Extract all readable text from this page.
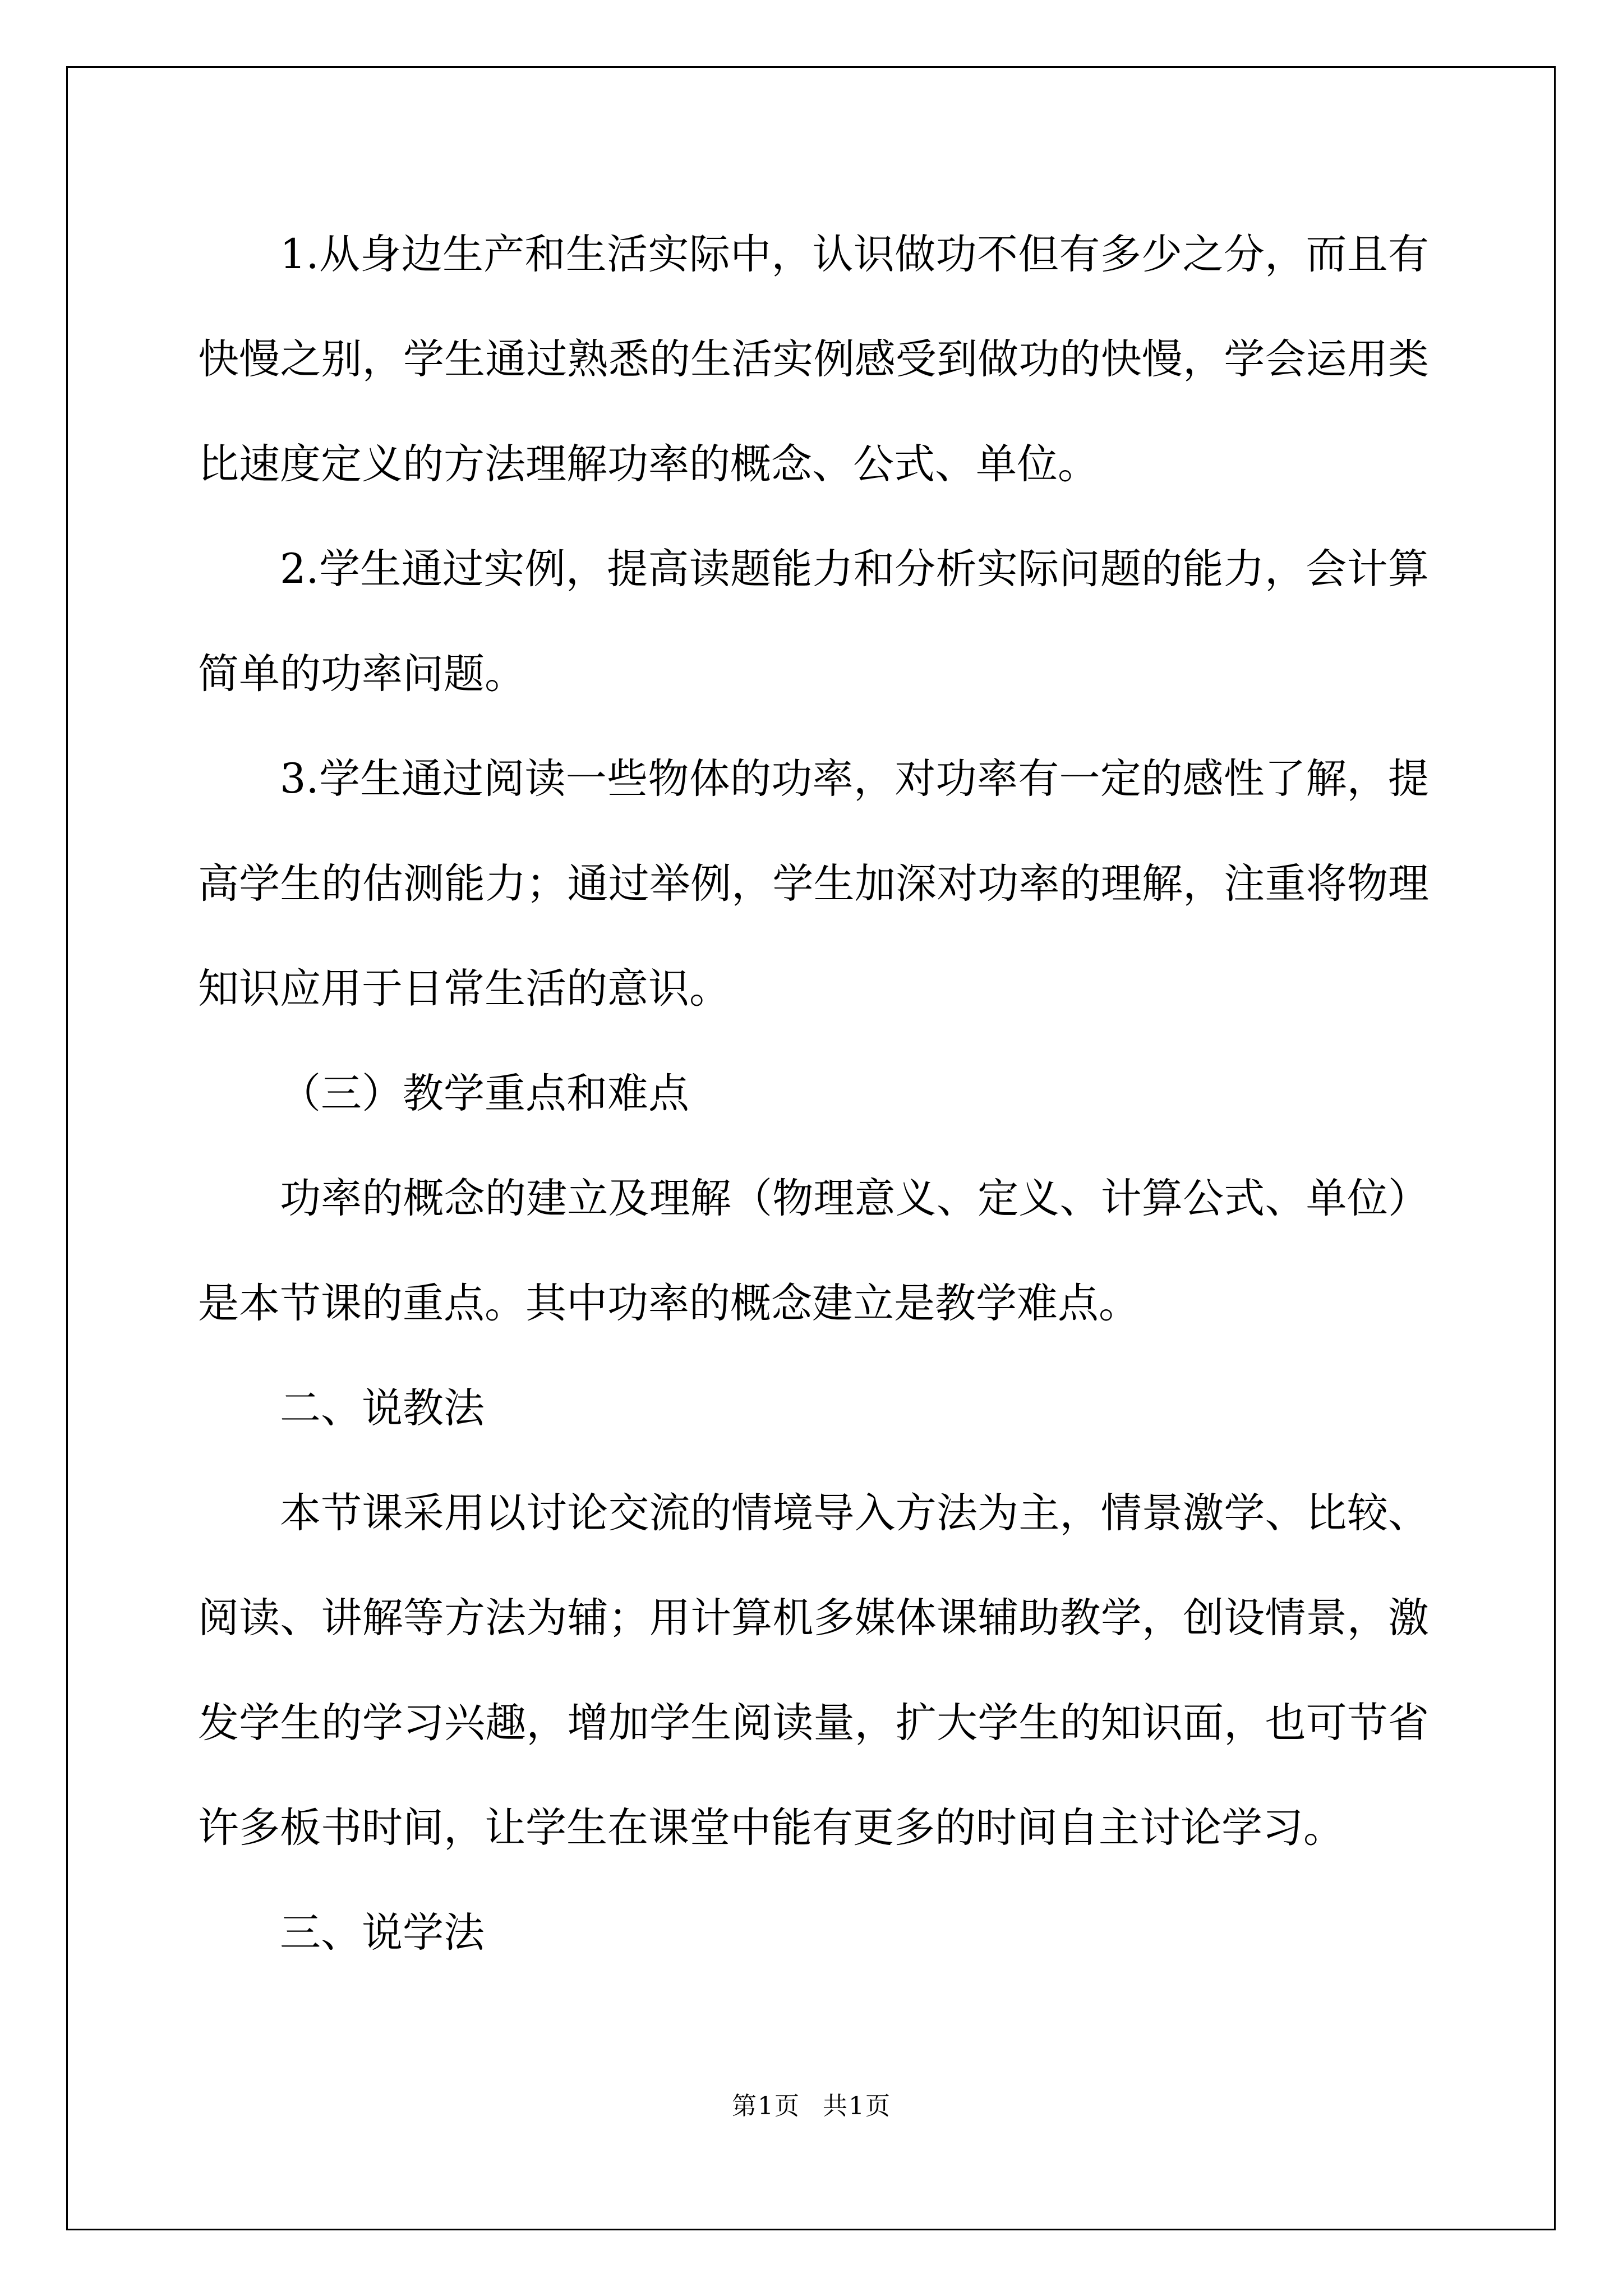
1.从身边生产和生活实际中，认识做功不但有多少之分，而且有快慢之别，学生通过熟悉的生活实例感受到做功的快慢，学会运用类比速度定义的方法理解功率的概念、公式、单位。

2.学生通过实例，提高读题能力和分析实际问题的能力，会计算简单的功率问题。

3.学生通过阅读一些物体的功率，对功率有一定的感性了解，提高学生的估测能力；通过举例，学生加深对功率的理解，注重将物理知识应用于日常生活的意识。

（三）教学重点和难点

功率的概念的建立及理解（物理意义、定义、计算公式、单位）是本节课的重点。其中功率的概念建立是教学难点。

二、说教法

本节课采用以讨论交流的情境导入方法为主，情景激学、比较、阅读、讲解等方法为辅；用计算机多媒体课辅助教学，创设情景，激发学生的学习兴趣，增加学生阅读量，扩大学生的知识面，也可节省许多板书时间，让学生在课堂中能有更多的时间自主讨论学习。

三、说学法

第1页 共1页
